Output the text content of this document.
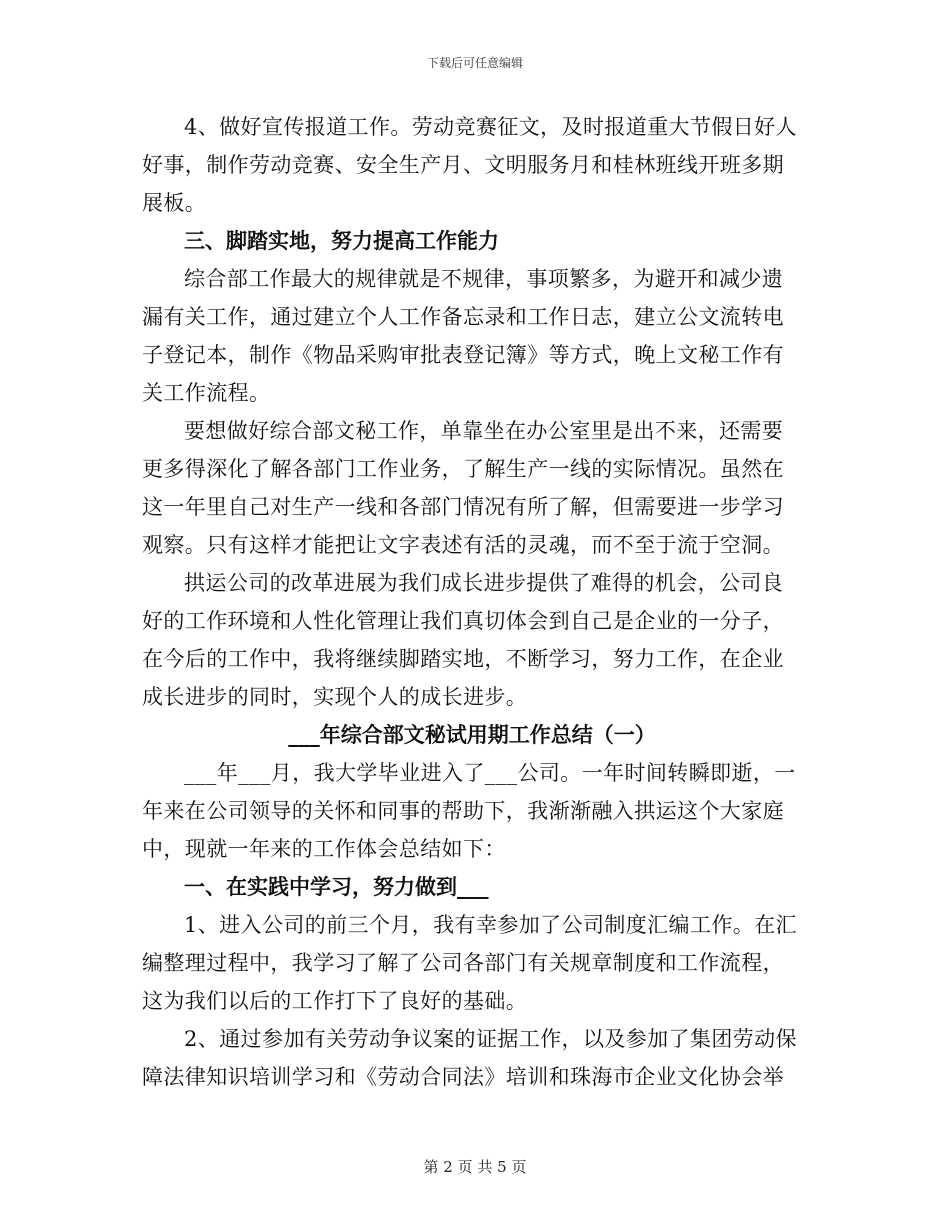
下载后可任意编辑

4、做好宣传报道工作。劳动竞赛征文，及时报道重大节假日好人好事，制作劳动竞赛、安全生产月、文明服务月和桂林班线开班多期展板。

三、脚踏实地，努力提高工作能力

综合部工作最大的规律就是不规律，事项繁多，为避开和减少遗漏有关工作，通过建立个人工作备忘录和工作日志，建立公文流转电子登记本，制作《物品采购审批表登记簿》等方式，晚上文秘工作有关工作流程。

要想做好综合部文秘工作，单靠坐在办公室里是出不来，还需要更多得深化了解各部门工作业务，了解生产一线的实际情况。虽然在这一年里自己对生产一线和各部门情况有所了解，但需要进一步学习观察。只有这样才能把让文字表述有活的灵魂，而不至于流于空洞。

拱运公司的改革进展为我们成长进步提供了难得的机会，公司良好的工作环境和人性化管理让我们真切体会到自己是企业的一分子，在今后的工作中，我将继续脚踏实地，不断学习，努力工作，在企业成长进步的同时，实现个人的成长进步。

___年综合部文秘试用期工作总结（一）

___年___月，我大学毕业进入了___公司。一年时间转瞬即逝，一年来在公司领导的关怀和同事的帮助下，我渐渐融入拱运这个大家庭中，现就一年来的工作体会总结如下：

一、在实践中学习，努力做到___

1、进入公司的前三个月，我有幸参加了公司制度汇编工作。在汇编整理过程中，我学习了解了公司各部门有关规章制度和工作流程，这为我们以后的工作打下了良好的基础。

2、通过参加有关劳动争议案的证据工作，以及参加了集团劳动保障法律知识培训学习和《劳动合同法》培训和珠海市企业文化协会举

第 2 页 共 5 页
